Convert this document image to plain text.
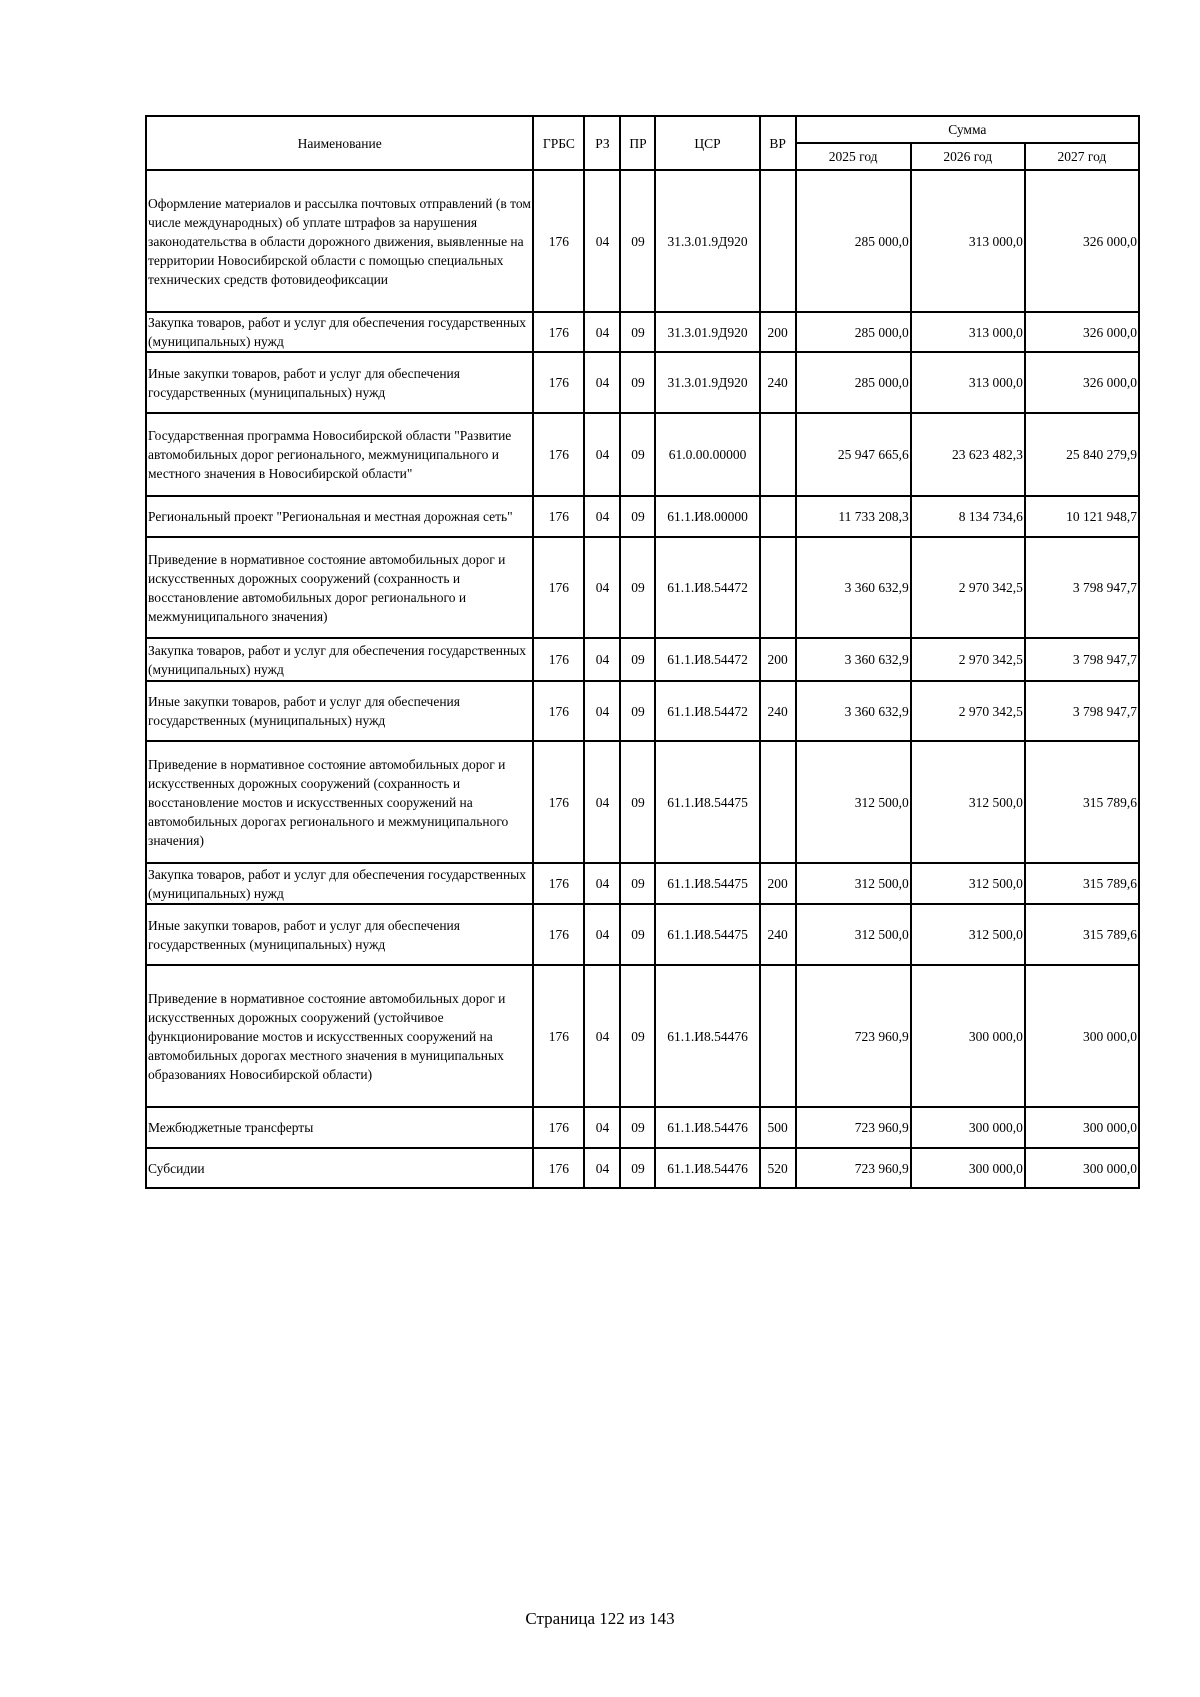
Наименование	ГРБС	РЗ	ПР	ЦСР	ВР	Сумма		
						2025 год	2026 год	2027 год
Оформление материалов и рассылка почтовых отправлений (в том числе международных) об уплате штрафов за нарушения законодательства в области дорожного движения, выявленные на территории Новосибирской области с помощью специальных технических средств фотовидеофиксации	176	04	09	31.3.01.9Д920		285 000,0	313 000,0	326 000,0
Закупка товаров, работ и услуг для обеспечения государственных (муниципальных) нужд	176	04	09	31.3.01.9Д920	200	285 000,0	313 000,0	326 000,0
Иные закупки товаров, работ и услуг для обеспечения государственных (муниципальных) нужд	176	04	09	31.3.01.9Д920	240	285 000,0	313 000,0	326 000,0
Государственная программа Новосибирской области "Развитие автомобильных дорог регионального, межмуниципального и местного значения в Новосибирской области"	176	04	09	61.0.00.00000		25 947 665,6	23 623 482,3	25 840 279,9
Региональный проект "Региональная и местная дорожная сеть"	176	04	09	61.1.И8.00000		11 733 208,3	8 134 734,6	10 121 948,7
Приведение в нормативное состояние автомобильных дорог и искусственных дорожных сооружений (сохранность и восстановление автомобильных дорог регионального и межмуниципального значения)	176	04	09	61.1.И8.54472		3 360 632,9	2 970 342,5	3 798 947,7
Закупка товаров, работ и услуг для обеспечения государственных (муниципальных) нужд	176	04	09	61.1.И8.54472	200	3 360 632,9	2 970 342,5	3 798 947,7
Иные закупки товаров, работ и услуг для обеспечения государственных (муниципальных) нужд	176	04	09	61.1.И8.54472	240	3 360 632,9	2 970 342,5	3 798 947,7
Приведение в нормативное состояние автомобильных дорог и искусственных дорожных сооружений (сохранность и восстановление мостов и искусственных сооружений на автомобильных дорогах регионального и межмуниципального значения)	176	04	09	61.1.И8.54475		312 500,0	312 500,0	315 789,6
Закупка товаров, работ и услуг для обеспечения государственных (муниципальных) нужд	176	04	09	61.1.И8.54475	200	312 500,0	312 500,0	315 789,6
Иные закупки товаров, работ и услуг для обеспечения государственных (муниципальных) нужд	176	04	09	61.1.И8.54475	240	312 500,0	312 500,0	315 789,6
Приведение в нормативное состояние автомобильных дорог и искусственных дорожных сооружений (устойчивое функционирование мостов и искусственных сооружений на автомобильных дорогах местного значения в муниципальных образованиях Новосибирской области)	176	04	09	61.1.И8.54476		723 960,9	300 000,0	300 000,0
Межбюджетные трансферты	176	04	09	61.1.И8.54476	500	723 960,9	300 000,0	300 000,0
Субсидии	176	04	09	61.1.И8.54476	520	723 960,9	300 000,0	300 000,0
Страница 122 из 143
